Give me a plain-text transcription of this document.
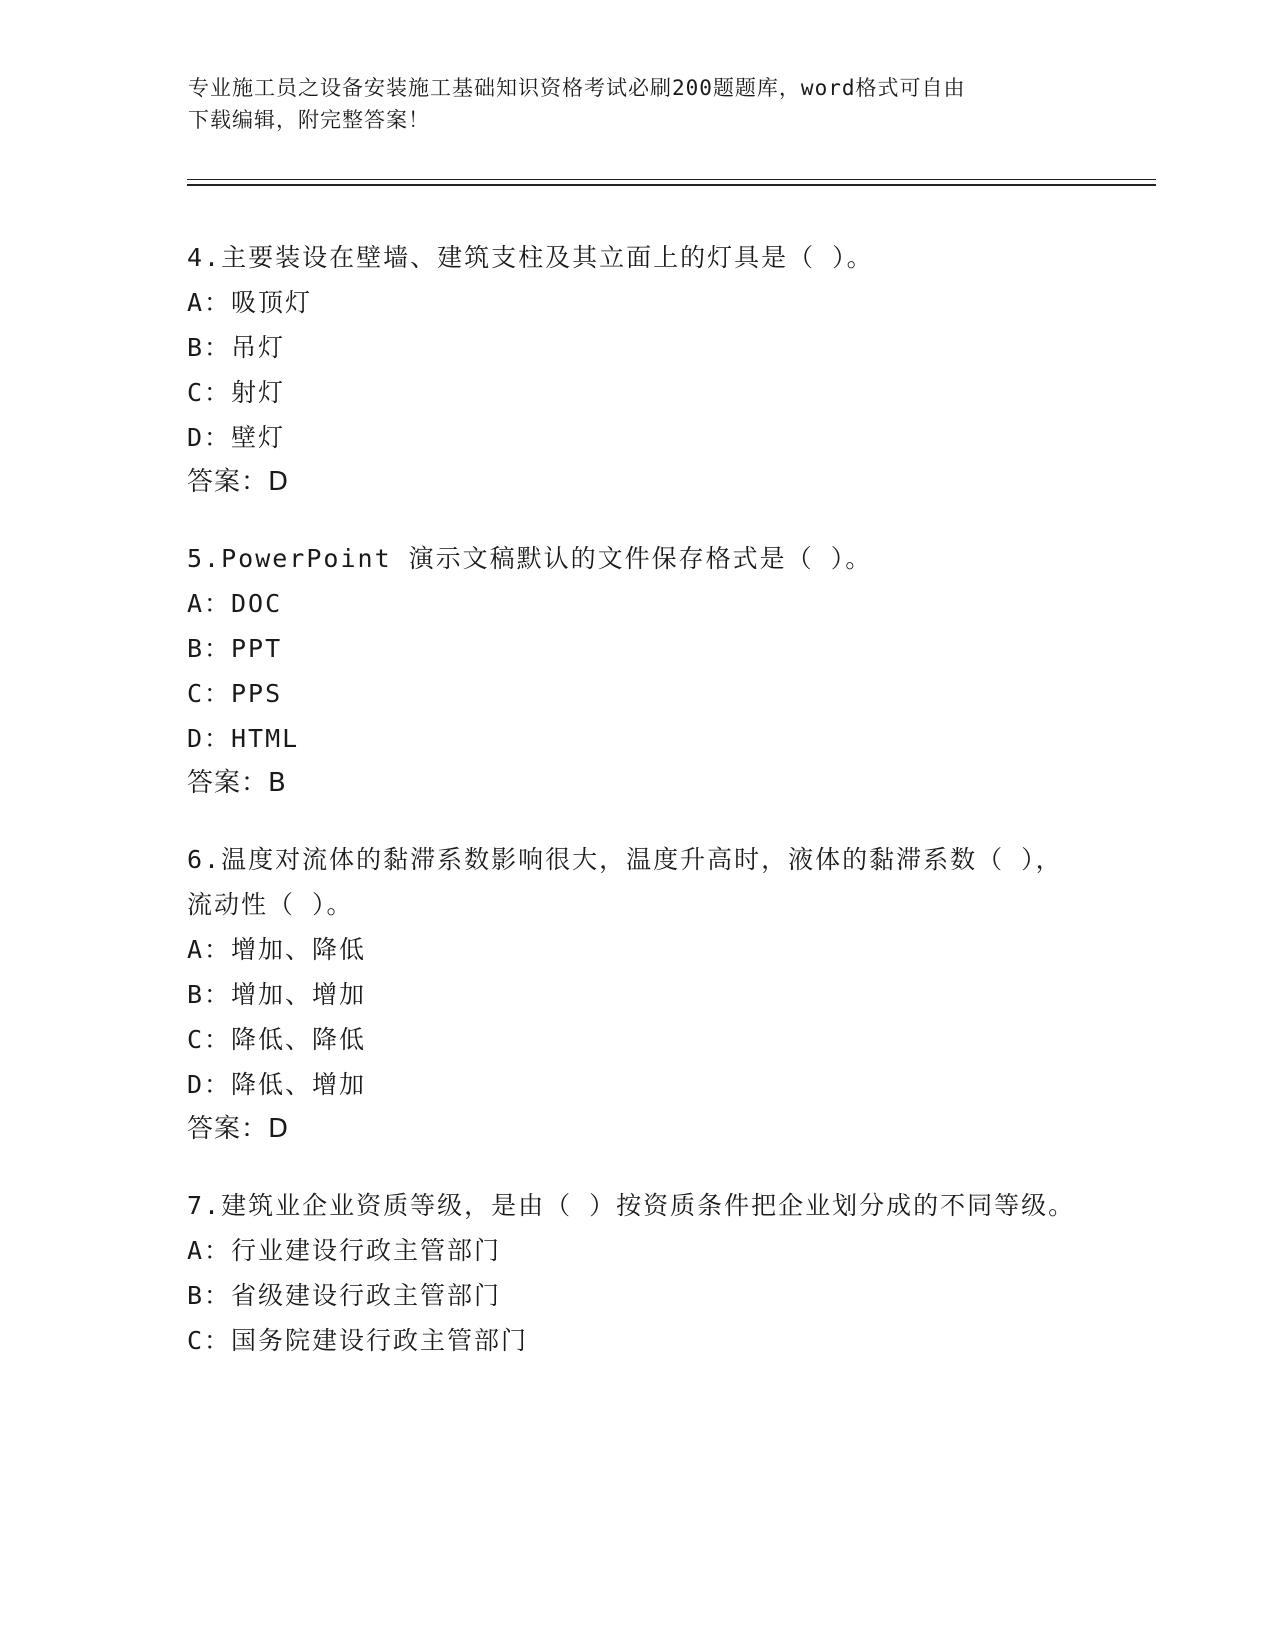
专业施工员之设备安装施工基础知识资格考试必刷200题题库，word格式可自由
下载编辑，附完整答案！

4.主要装设在壁墙、建筑支柱及其立面上的灯具是（ ）。

A： 吸顶灯
B： 吊灯
C： 射灯
D： 壁灯
答案：D

5.PowerPoint 演示文稿默认的文件保存格式是（ ）。

A： DOC
B： PPT
C： PPS
D： HTML
答案：B

6.温度对流体的黏滞系数影响很大，温度升高时，液体的黏滞系数（ ），流动性（ ）。

A： 增加、降低
B： 增加、增加
C： 降低、降低
D： 降低、增加
答案：D

7.建筑业企业资质等级，是由（ ）按资质条件把企业划分成的不同等级。

A： 行业建设行政主管部门
B： 省级建设行政主管部门
C： 国务院建设行政主管部门
